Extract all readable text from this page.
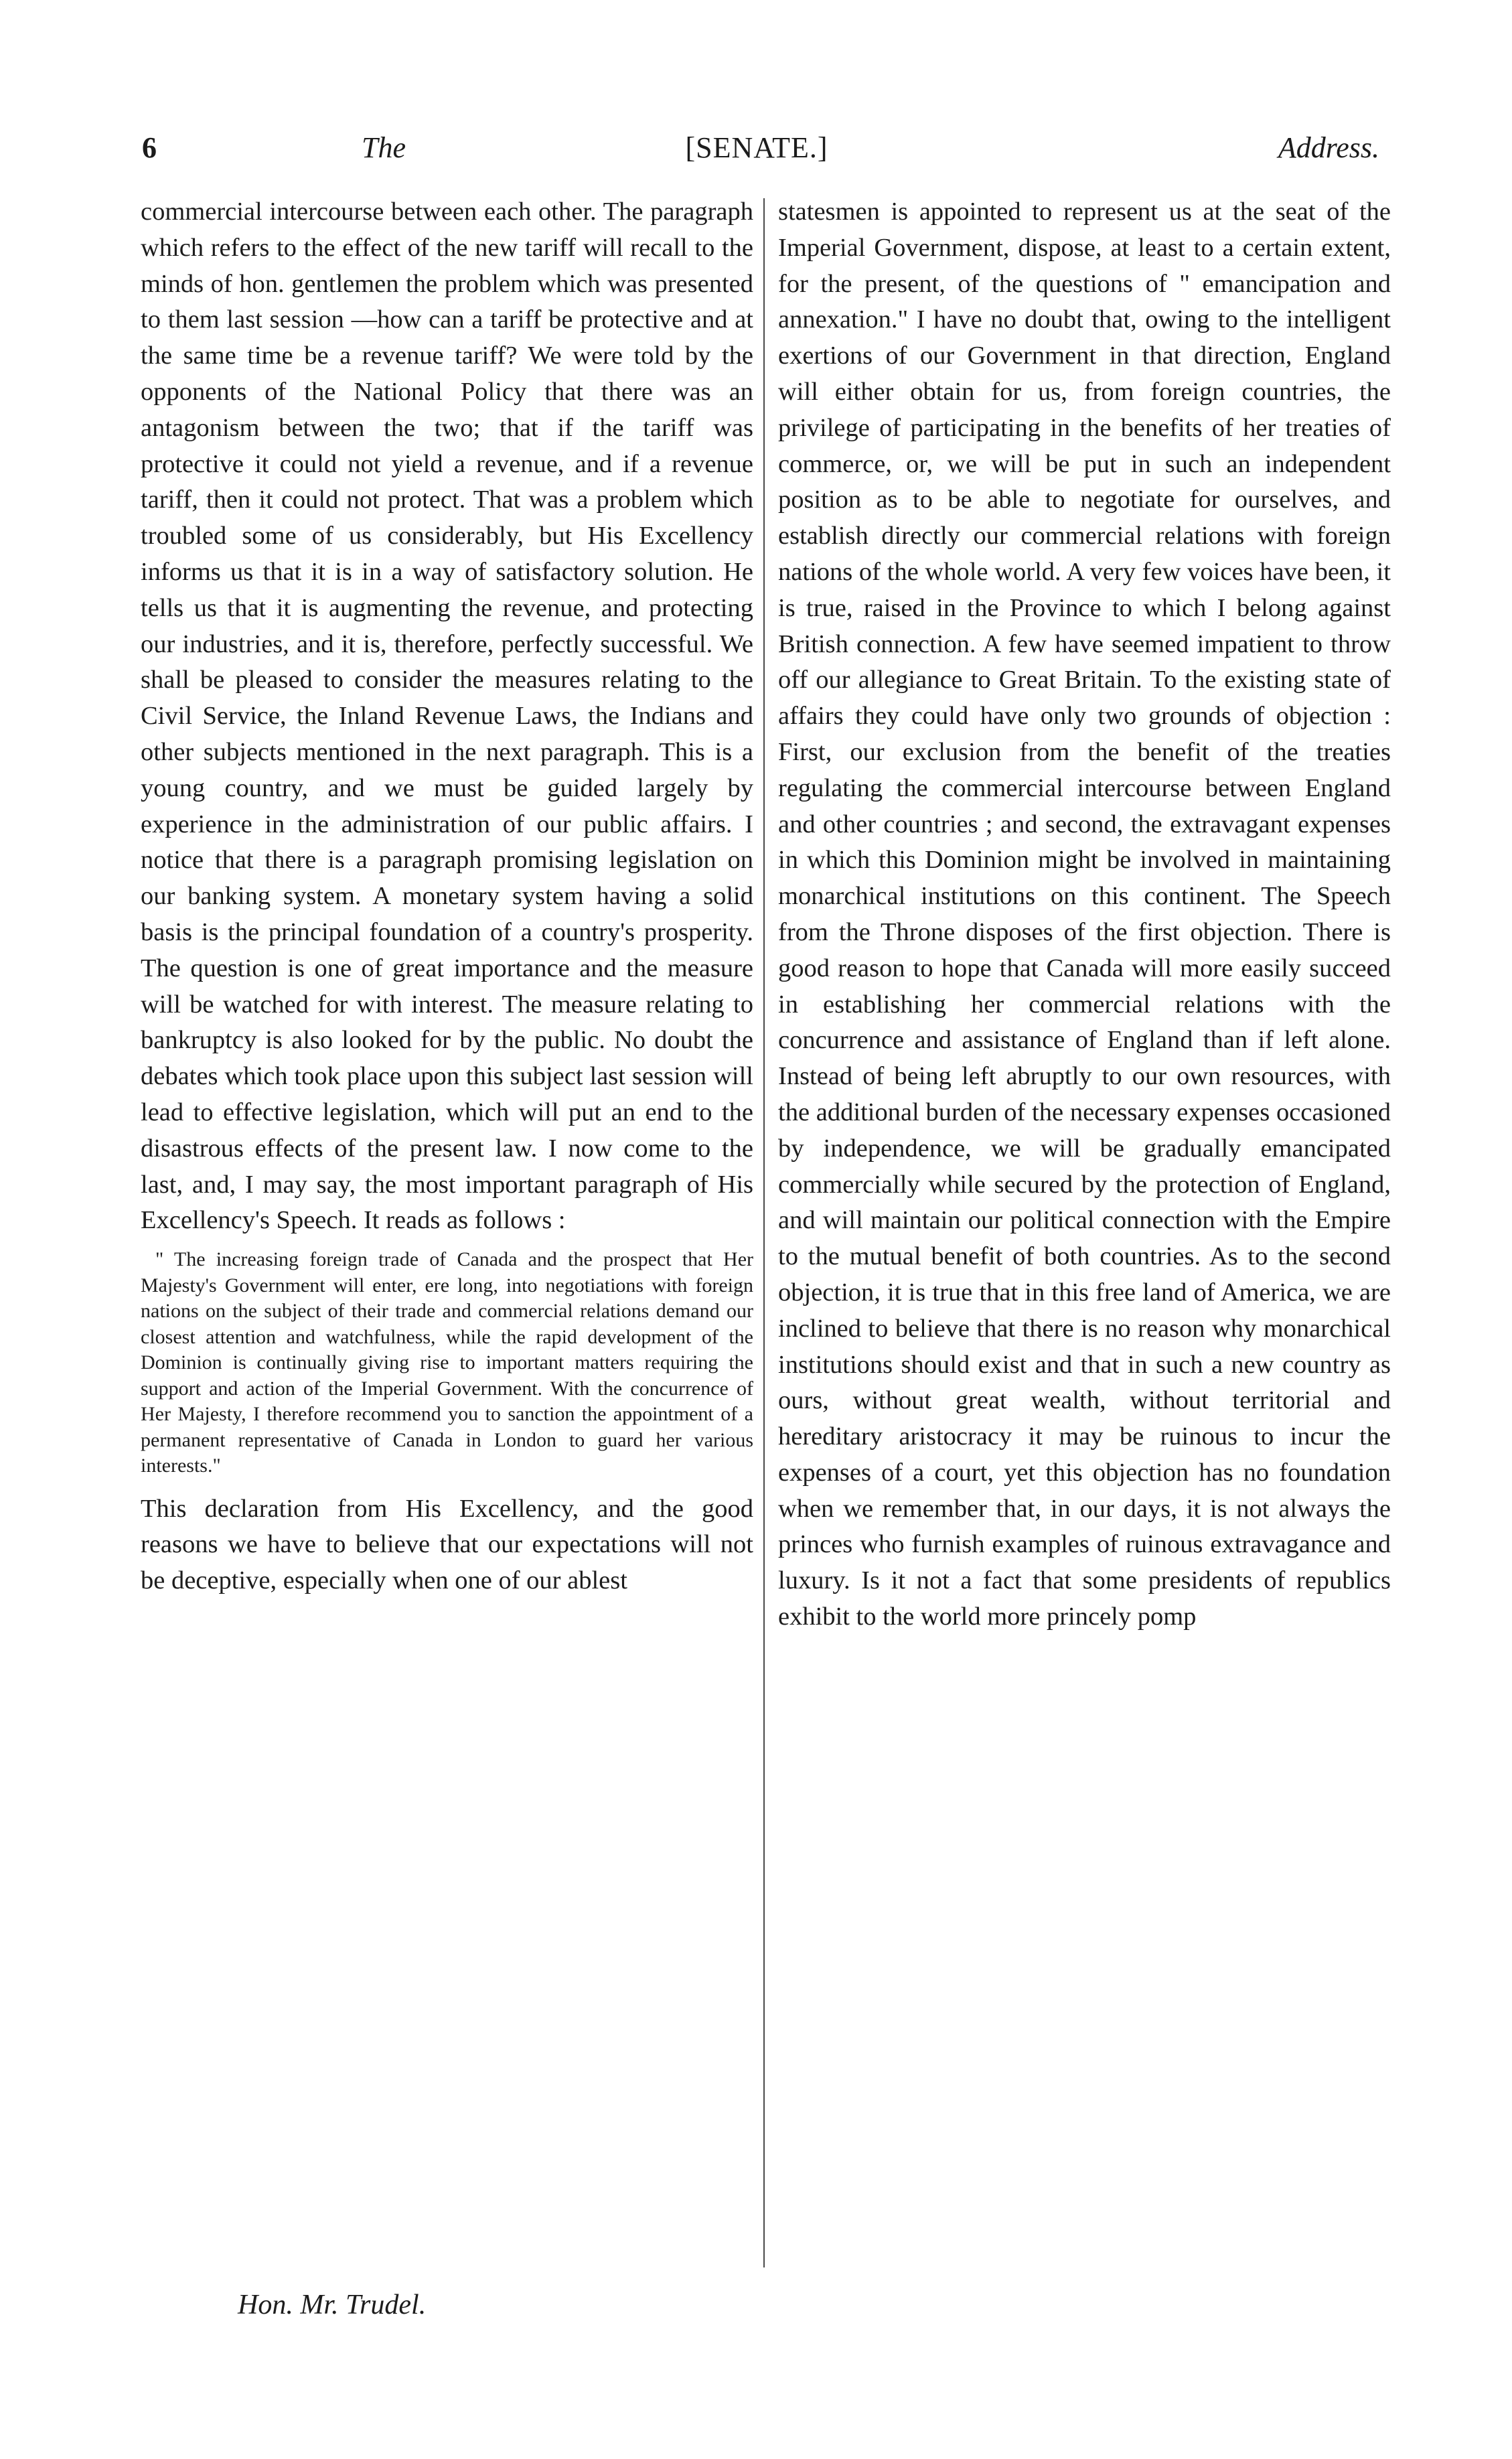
6	The	[SENATE.]	Address.

commercial intercourse between each other. The paragraph which refers to the effect of the new tariff will recall to the minds of hon. gentlemen the problem which was presented to them last session —how can a tariff be protective and at the same time be a revenue tariff? We were told by the opponents of the National Policy that there was an antagonism between the two; that if the tariff was protective it could not yield a revenue, and if a revenue tariff, then it could not protect. That was a problem which troubled some of us considerably, but His Excellency informs us that it is in a way of satisfactory solution. He tells us that it is augmenting the revenue, and protecting our industries, and it is, therefore, perfectly successful. We shall be pleased to consider the measures relating to the Civil Service, the Inland Revenue Laws, the Indians and other subjects mentioned in the next paragraph. This is a young country, and we must be guided largely by experience in the administration of our public affairs. I notice that there is a paragraph promising legislation on our banking system. A monetary system having a solid basis is the principal foundation of a country's prosperity. The question is one of great importance and the measure will be watched for with interest. The measure relating to bankruptcy is also looked for by the public. No doubt the debates which took place upon this subject last session will lead to effective legislation, which will put an end to the disastrous effects of the present law. I now come to the last, and, I may say, the most important paragraph of His Excellency's Speech. It reads as follows :

" The increasing foreign trade of Canada and the prospect that Her Majesty's Government will enter, ere long, into negotiations with foreign nations on the subject of their trade and commercial relations demand our closest attention and watchfulness, while the rapid development of the Dominion is continually giving rise to important matters requiring the support and action of the Imperial Government. With the concurrence of Her Majesty, I therefore recommend you to sanction the appointment of a permanent representative of Canada in London to guard her various interests."

This declaration from His Excellency, and the good reasons we have to believe that our expectations will not be deceptive, especially when one of our ablest

statesmen is appointed to represent us at the seat of the Imperial Government, dispose, at least to a certain extent, for the present, of the questions of " emancipation and annexation." I have no doubt that, owing to the intelligent exertions of our Government in that direction, England will either obtain for us, from foreign countries, the privilege of participating in the benefits of her treaties of commerce, or, we will be put in such an independent position as to be able to negotiate for ourselves, and establish directly our commercial relations with foreign nations of the whole world. A very few voices have been, it is true, raised in the Province to which I belong against British connection. A few have seemed impatient to throw off our allegiance to Great Britain. To the existing state of affairs they could have only two grounds of objection : First, our exclusion from the benefit of the treaties regulating the commercial intercourse between England and other countries ; and second, the extravagant expenses in which this Dominion might be involved in maintaining monarchical institutions on this continent. The Speech from the Throne disposes of the first objection. There is good reason to hope that Canada will more easily succeed in establishing her commercial relations with the concurrence and assistance of England than if left alone. Instead of being left abruptly to our own resources, with the additional burden of the necessary expenses occasioned by independence, we will be gradually emancipated commercially while secured by the protection of England, and will maintain our political connection with the Empire to the mutual benefit of both countries. As to the second objection, it is true that in this free land of America, we are inclined to believe that there is no reason why monarchical institutions should exist and that in such a new country as ours, without great wealth, without territorial and hereditary aristocracy it may be ruinous to incur the expenses of a court, yet this objection has no foundation when we remember that, in our days, it is not always the princes who furnish examples of ruinous extravagance and luxury. Is it not a fact that some presidents of republics exhibit to the world more princely pomp

Hon. Mr. Trudel.
